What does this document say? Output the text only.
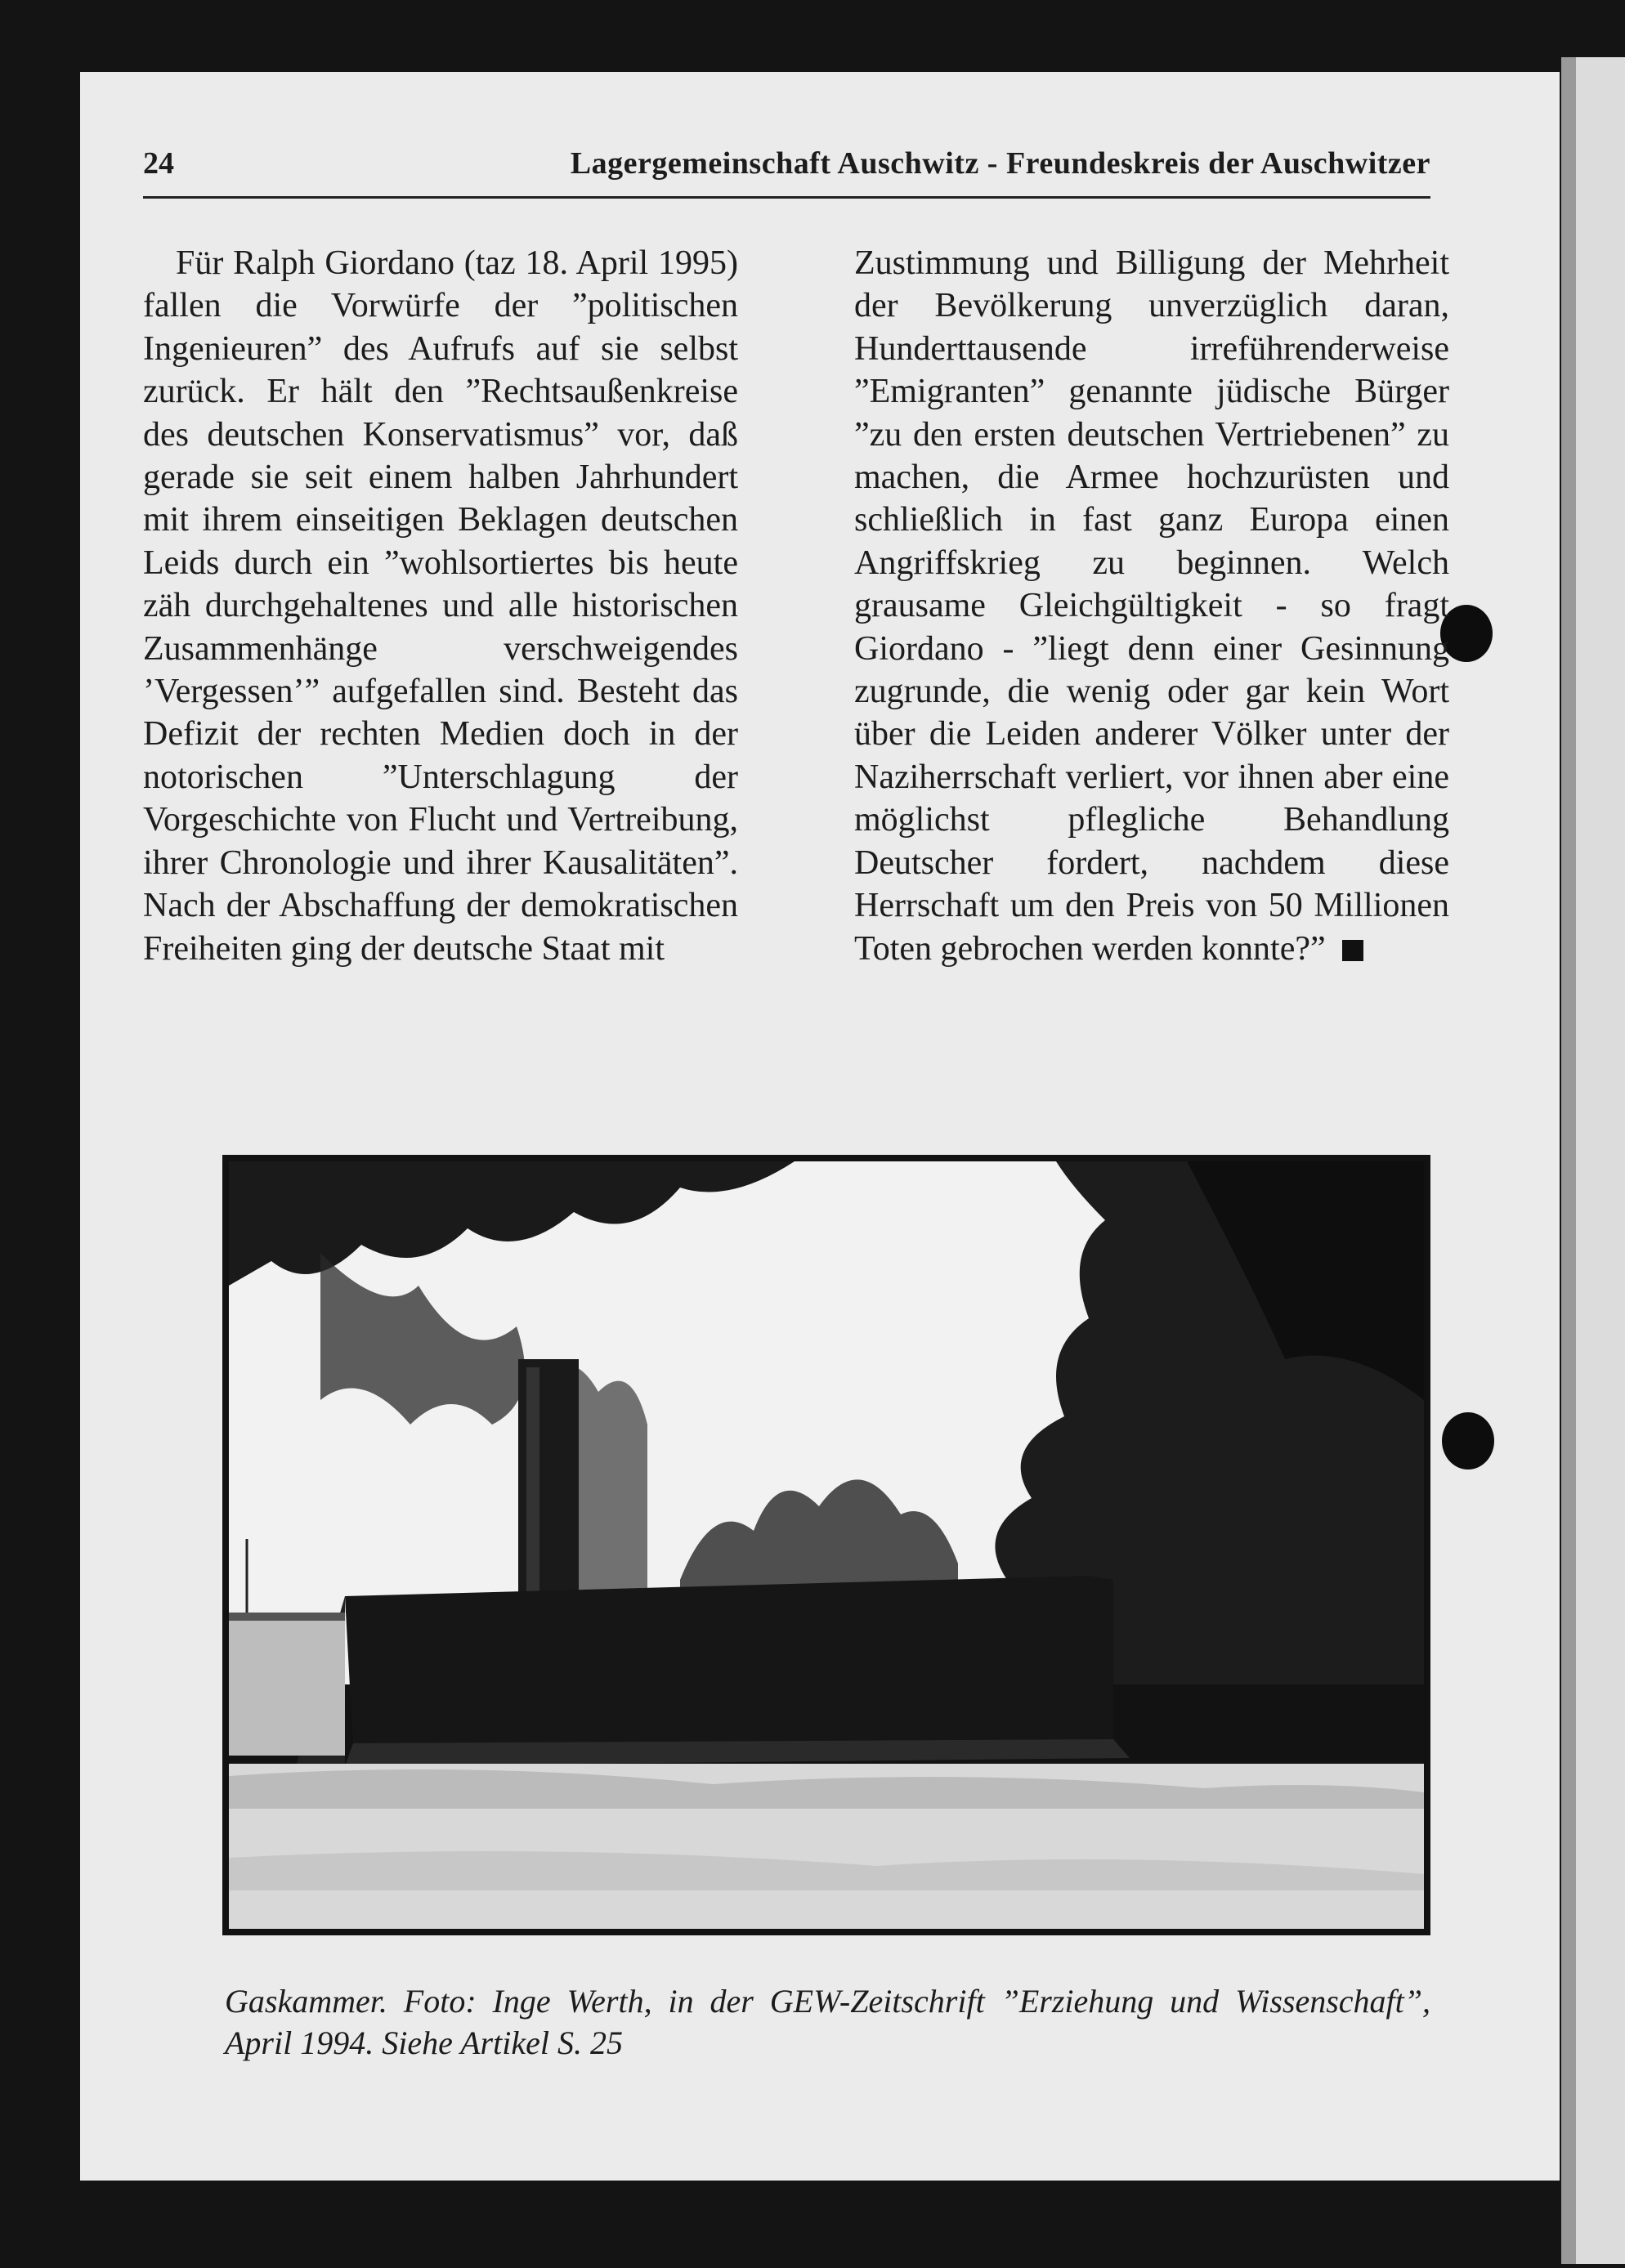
24	Lagergemeinschaft Auschwitz - Freundeskreis der Auschwitzer

Für Ralph Giordano (taz 18. April 1995) fallen die Vorwürfe der ”politischen Ingenieuren” des Aufrufs auf sie selbst zurück. Er hält den ”Rechtsaußenkreise des deutschen Konservatismus” vor, daß gerade sie seit einem halben Jahrhundert mit ihrem einseitigen Beklagen deutschen Leids durch ein ”wohlsortiertes bis heute zäh durchgehaltenes und alle historischen Zusammenhänge verschweigendes ’Vergessen’” aufgefallen sind. Besteht das Defizit der rechten Medien doch in der notorischen ”Unterschlagung der Vorgeschichte von Flucht und Vertreibung, ihrer Chronologie und ihrer Kausalitäten”. Nach der Abschaffung der demokratischen Freiheiten ging der deutsche Staat mit

Zustimmung und Billigung der Mehrheit der Bevölkerung unverzüglich daran, Hunderttausende irreführenderweise ”Emigranten” genannte jüdische Bürger ”zu den ersten deutschen Vertriebenen” zu machen, die Armee hochzurüsten und schließlich in fast ganz Europa einen Angriffskrieg zu beginnen. Welch grausame Gleichgültigkeit - so fragt Giordano - ”liegt denn einer Gesinnung zugrunde, die wenig oder gar kein Wort über die Leiden anderer Völker unter der Naziherrschaft verliert, vor ihnen aber eine möglichst pflegliche Behandlung Deutscher fordert, nachdem diese Herrschaft um den Preis von 50 Millionen Toten gebrochen werden konnte?”

Gaskammer. Foto: Inge Werth, in der GEW-Zeitschrift ”Erziehung und Wissenschaft”, April 1994. Siehe Artikel S. 25
